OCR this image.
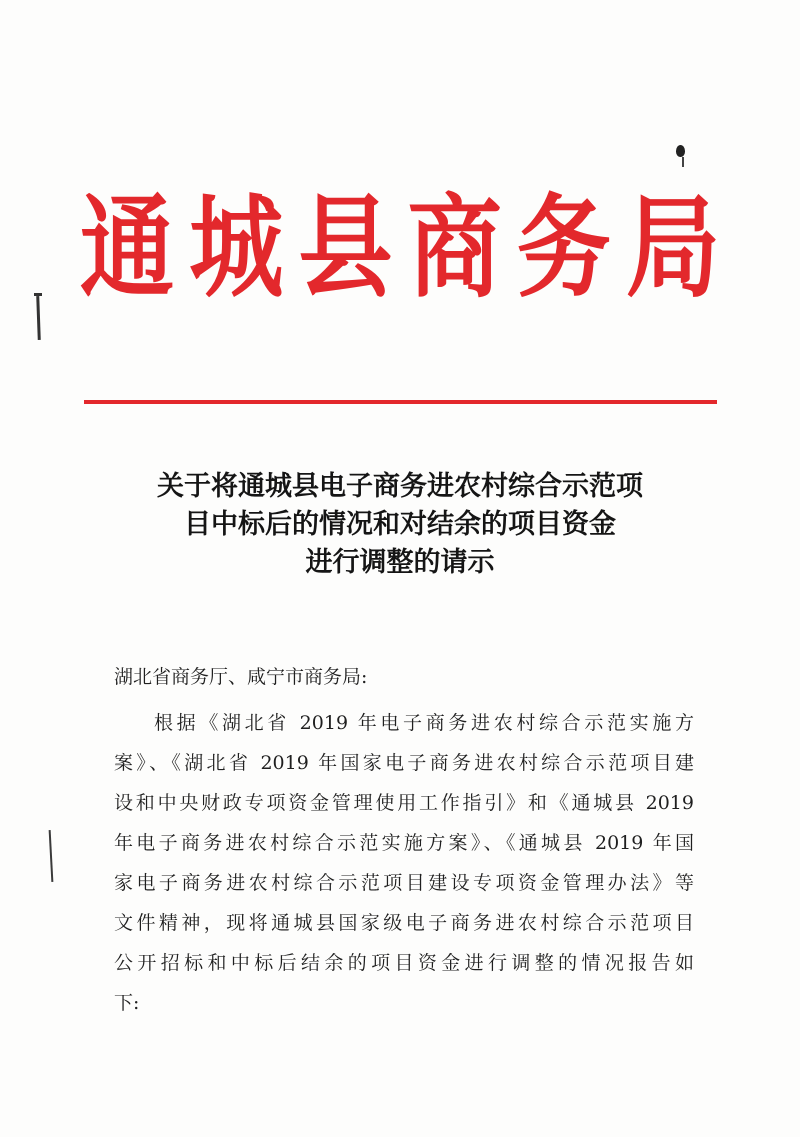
通 城 县 商 务 局
关于将通城县电子商务进农村综合示范项
目中标后的情况和对结余的项目资金
进行调整的请示
湖北省商务厅、咸宁市商务局:
根据《湖北省 2019 年电子商务进农村综合示范实施方
案》、《湖北省 2019 年国家电子商务进农村综合示范项目建
设和中央财政专项资金管理使用工作指引》和《通城县 2019
年电子商务进农村综合示范实施方案》、《通城县 2019 年国
家电子商务进农村综合示范项目建设专项资金管理办法》等
文件精神，现将通城县国家级电子商务进农村综合示范项目
公开招标和中标后结余的项目资金进行调整的情况报告如
下:
